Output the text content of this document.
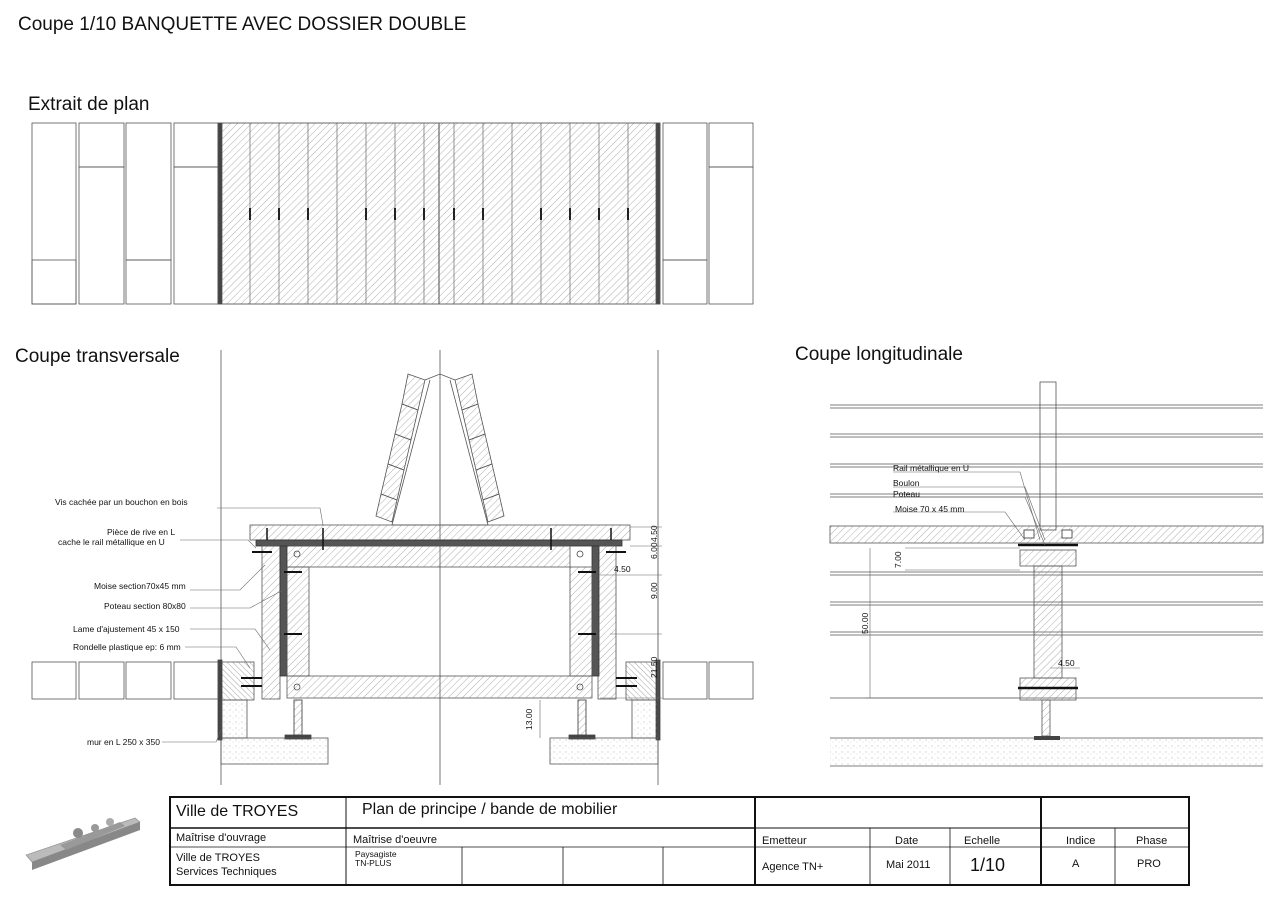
Coupe 1/10 BANQUETTE AVEC DOSSIER DOUBLE
Extrait de plan
Coupe transversale	Coupe longitudinale
Vis cachée par un bouchon en bois
Pièce de rive en L
cache le rail métallique en U
Moise section70x45 mm
Poteau section 80x80
Lame d'ajustement 45 x 150
Rondelle plastique ep: 6 mm
mur en L 250 x 350
4.50
6.00
4.50
9.00
21.50
13.00
Rail métallique en U
Boulon
Poteau
Moise 70 x 45 mm
7.00
50.00
4.50
Ville de TROYES	Plan de principe / bande de mobilier
Maîtrise d'ouvrage
Ville de TROYES
Services Techniques
Maîtrise d'oeuvre
Paysagiste
TN-PLUS
Emetteur
Agence TN+
Date
Mai 2011
Echelle
1/10
Indice
A
Phase
PRO
